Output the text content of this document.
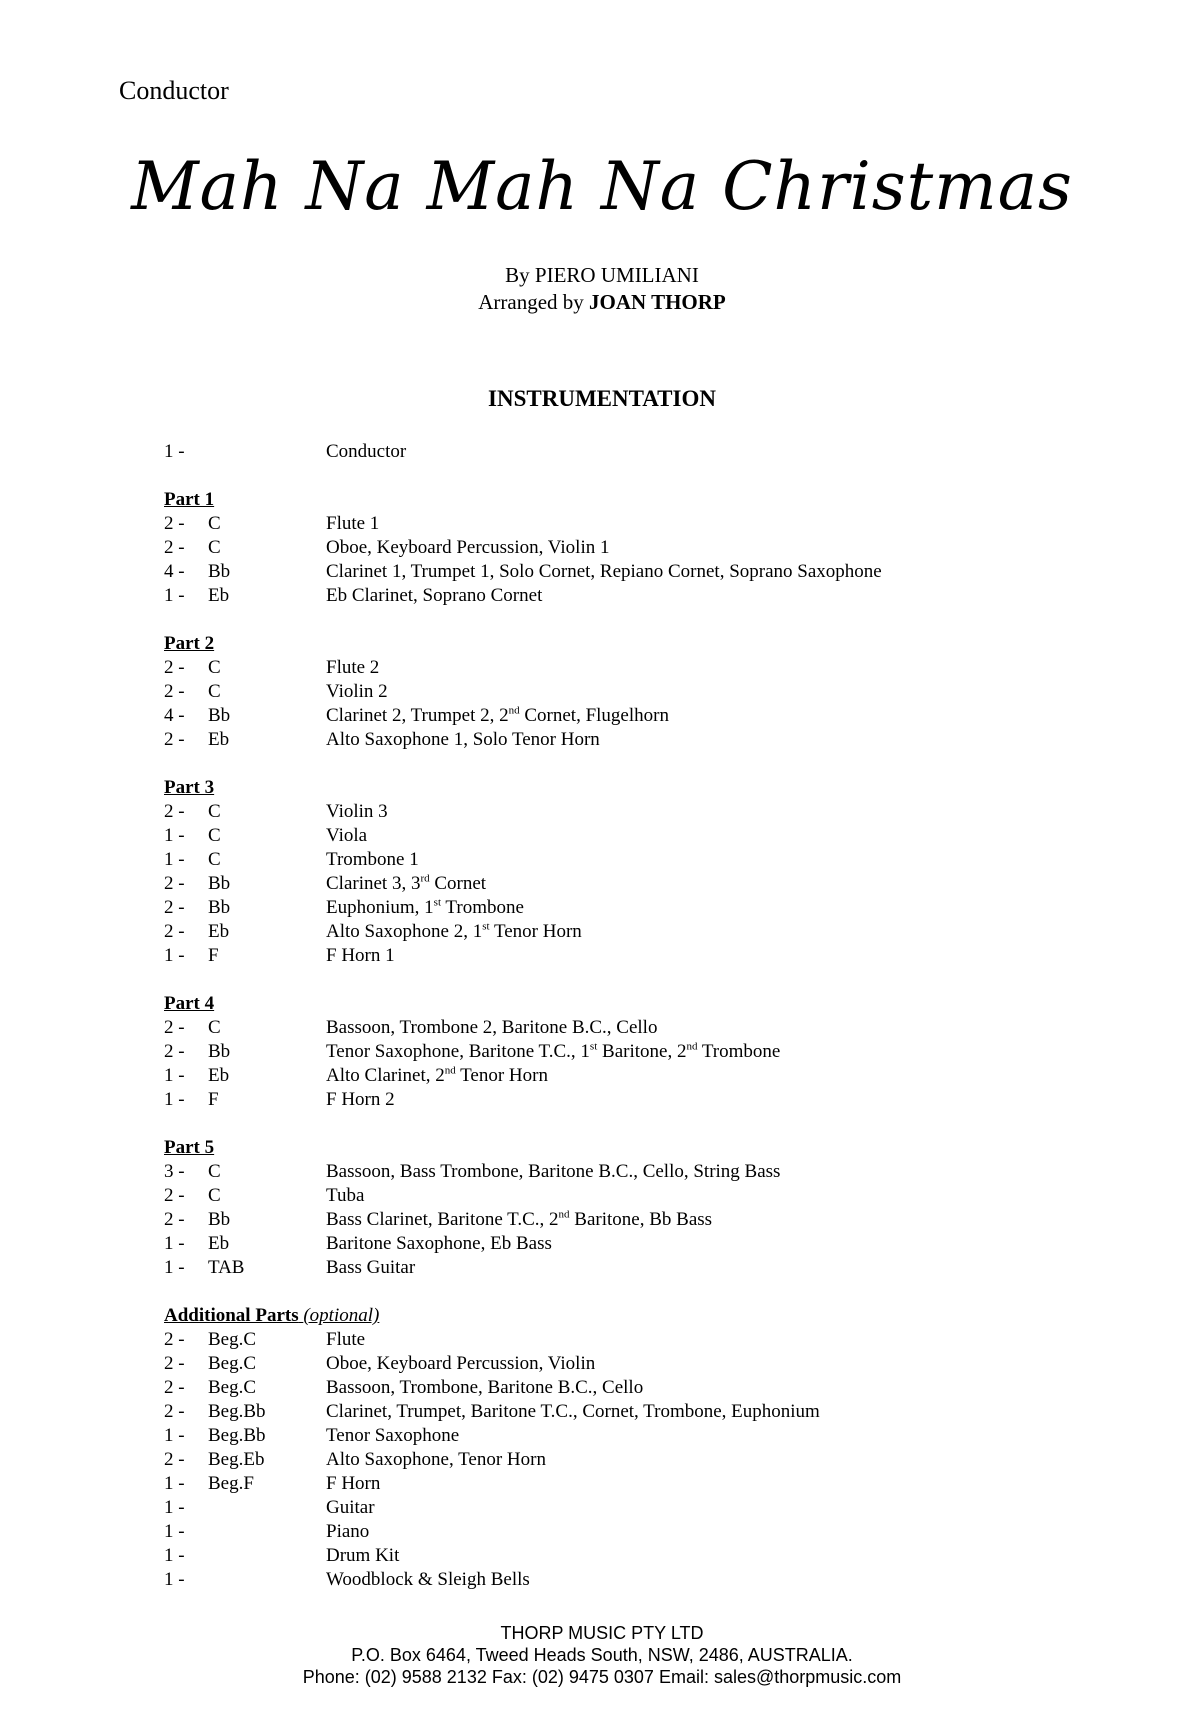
Conductor
Mah Na Mah Na Christmas
By PIERO UMILIANI
Arranged by JOAN THORP
INSTRUMENTATION
1 -	Conductor
Part 1
2 -	C	Flute 1
2 -	C	Oboe, Keyboard Percussion, Violin 1
4 -	Bb	Clarinet 1, Trumpet 1, Solo Cornet, Repiano Cornet, Soprano Saxophone
1 -	Eb	Eb Clarinet, Soprano Cornet
Part 2
2 -	C	Flute 2
2 -	C	Violin 2
4 -	Bb	Clarinet 2, Trumpet 2, 2nd Cornet, Flugelhorn
2 -	Eb	Alto Saxophone 1, Solo Tenor Horn
Part 3
2 -	C	Violin 3
1 -	C	Viola
1 -	C	Trombone 1
2 -	Bb	Clarinet 3, 3rd Cornet
2 -	Bb	Euphonium, 1st Trombone
2 -	Eb	Alto Saxophone 2, 1st Tenor Horn
1 -	F	F Horn 1
Part 4
2 -	C	Bassoon, Trombone 2, Baritone B.C., Cello
2 -	Bb	Tenor Saxophone, Baritone T.C., 1st Baritone, 2nd Trombone
1 -	Eb	Alto Clarinet, 2nd Tenor Horn
1 -	F	F Horn 2
Part 5
3 -	C	Bassoon, Bass Trombone, Baritone B.C., Cello, String Bass
2 -	C	Tuba
2 -	Bb	Bass Clarinet, Baritone T.C., 2nd Baritone, Bb Bass
1 -	Eb	Baritone Saxophone, Eb Bass
1 -	TAB	Bass Guitar
Additional Parts (optional)
2 -	Beg.C	Flute
2 -	Beg.C	Oboe, Keyboard Percussion, Violin
2 -	Beg.C	Bassoon, Trombone, Baritone B.C., Cello
2 -	Beg.Bb	Clarinet, Trumpet, Baritone T.C., Cornet, Trombone, Euphonium
1 -	Beg.Bb	Tenor Saxophone
2 -	Beg.Eb	Alto Saxophone, Tenor Horn
1 -	Beg.F	F Horn
1 -	Guitar
1 -	Piano
1 -	Drum Kit
1 -	Woodblock & Sleigh Bells
THORP MUSIC PTY LTD
P.O. Box 6464, Tweed Heads South, NSW, 2486, AUSTRALIA.
Phone: (02) 9588 2132 Fax: (02) 9475 0307 Email: sales@thorpmusic.com
